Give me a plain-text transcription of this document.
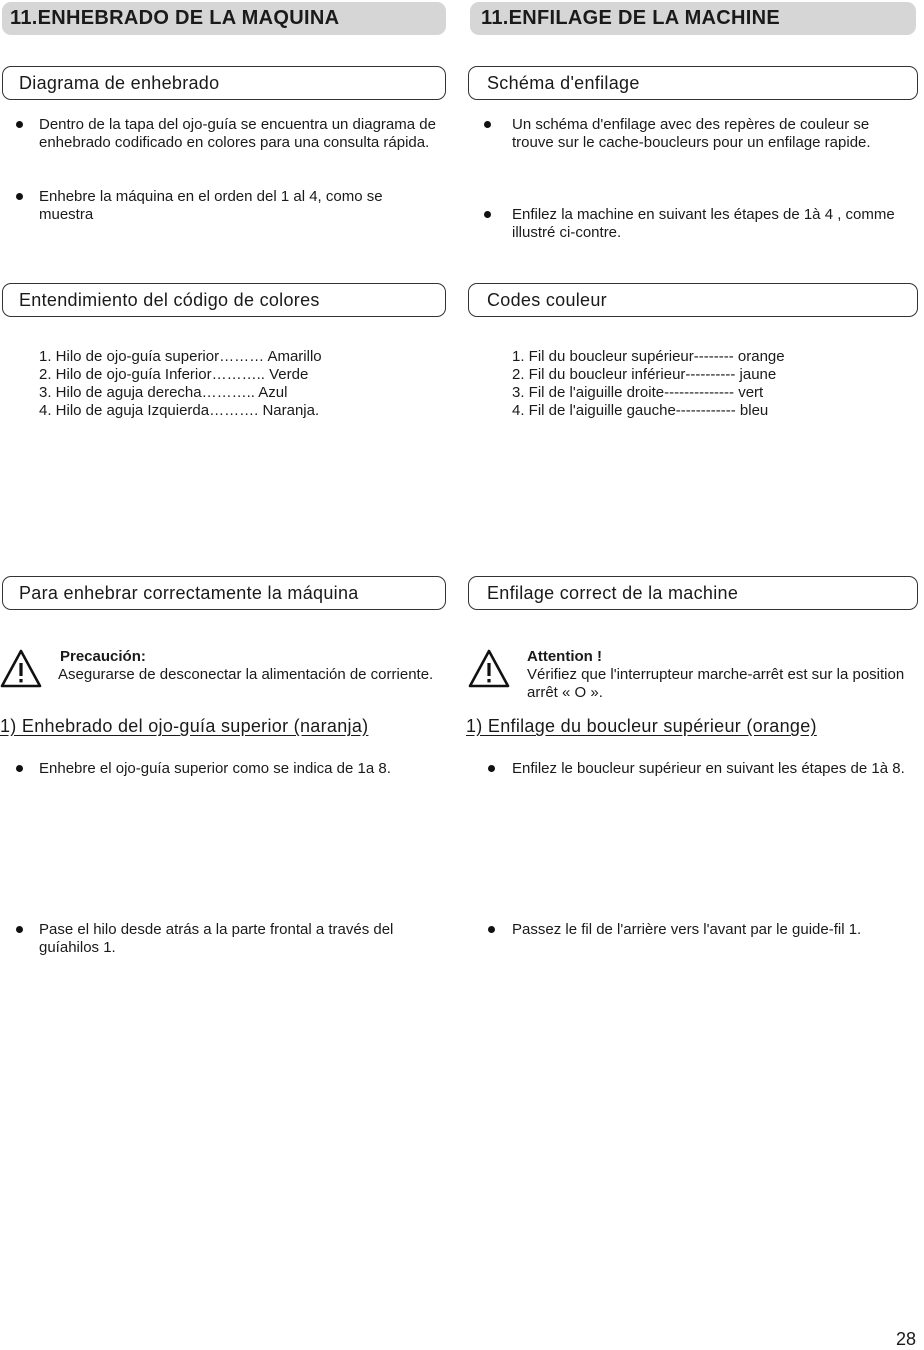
11.ENHEBRADO DE LA MAQUINA
Diagrama de enhebrado
Dentro de la tapa del ojo-guía se encuentra un diagrama de enhebrado codificado en colores para una consulta rápida.
Enhebre la máquina en el orden del 1 al 4, como se muestra
Entendimiento del código de colores
1. Hilo de ojo-guía superior……… Amarillo
2. Hilo de ojo-guía Inferior……….. Verde
3. Hilo de aguja derecha……….. Azul
4. Hilo de aguja Izquierda………. Naranja.
Para enhebrar correctamente la máquina
Precaución:
Asegurarse de desconectar la alimentación de corriente.
1) Enhebrado del ojo-guía superior (naranja)
Enhebre el ojo-guía superior como se indica de 1a 8.
Pase el hilo desde atrás a la parte frontal a través del guíahilos 1.
11.ENFILAGE DE LA MACHINE
Schéma d'enfilage
Un schéma d'enfilage avec des repères de couleur se trouve sur le cache-boucleurs pour un enfilage rapide.
Enfilez la machine en suivant les étapes de 1à 4 , comme illustré ci-contre.
Codes couleur
1. Fil du boucleur supérieur-------- orange
2. Fil du boucleur inférieur---------- jaune
3. Fil de l'aiguille droite-------------- vert
4. Fil de l'aiguille gauche------------ bleu
Enfilage correct de la machine
Attention !
Vérifiez que l'interrupteur marche-arrêt est sur la position arrêt « O ».
1) Enfilage du boucleur supérieur (orange)
Enfilez le boucleur supérieur en suivant les étapes de 1à 8.
Passez le fil de l'arrière vers l'avant par le guide-fil 1.
28
